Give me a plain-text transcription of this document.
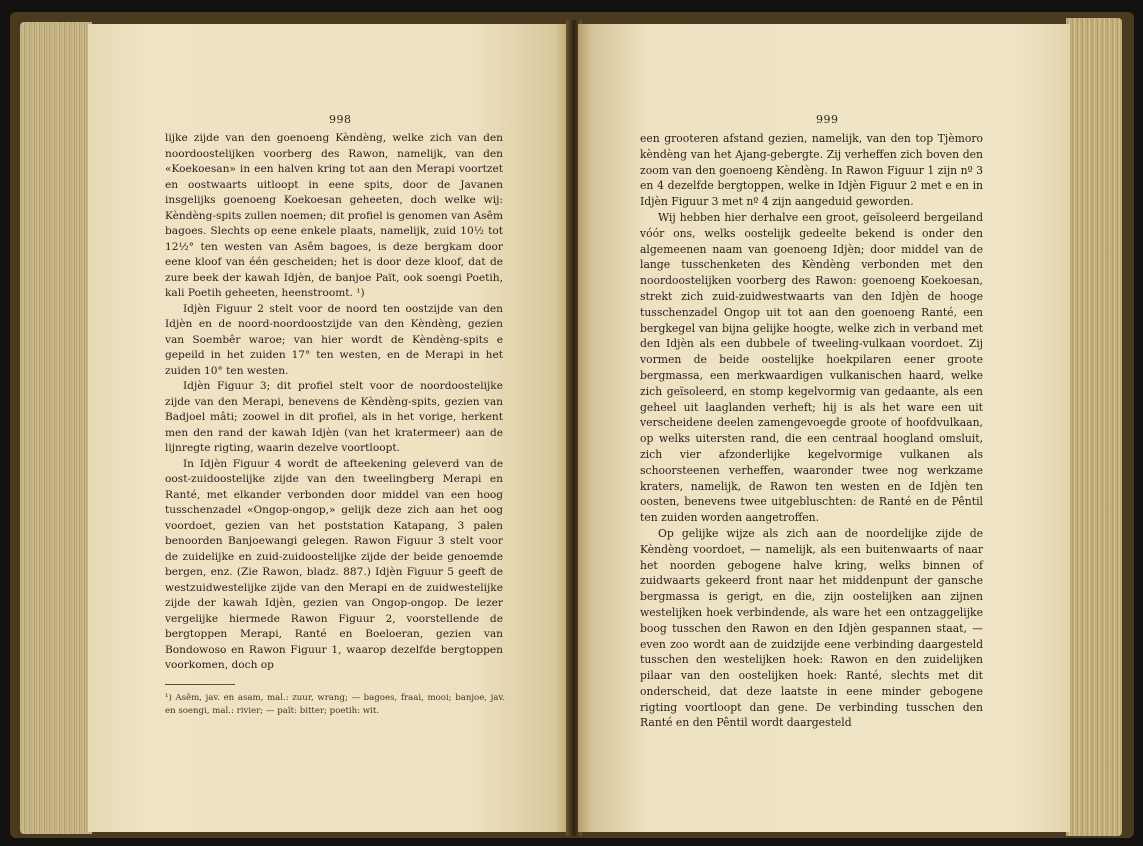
998

lijke zijde van den goenoeng Kèndèng, welke zich van den noordoostelijken voorberg des Rawon, namelijk, van den «Koekoesan» in een halven kring tot aan den Merapi voortzet en oostwaarts uitloopt in eene spits, door de Javanen insgelijks goenoeng Koekoesan geheeten, doch welke wij: Kèndèng-spits zullen noemen; dit profiel is genomen van Asêm bagoes. Slechts op eene enkele plaats, namelijk, zuid 10½ tot 12½° ten westen van Asêm bagoes, is deze bergkam door eene kloof van één gescheiden; het is door deze kloof, dat de zure beek der kawah Idjèn, de banjoe Paït, ook soengi Poetih, kali Poetih geheeten, heenstroomt. ¹)

Idjèn Figuur 2 stelt voor de noord ten oostzijde van den Idjèn en de noord-noordoostzijde van den Kèndèng, gezien van Soembêr waroe; van hier wordt de Kèndèng-spits e gepeild in het zuiden 17° ten westen, en de Merapi in het zuiden 10° ten westen.

Idjèn Figuur 3; dit profiel stelt voor de noordoostelijke zijde van den Merapi, benevens de Kèndèng-spits, gezien van Badjoel mâti; zoowel in dit profiel, als in het vorige, herkent men den rand der kawah Idjèn (van het kratermeer) aan de lijnregte rigting, waarin dezelve voortloopt.

In Idjèn Figuur 4 wordt de afteekening geleverd van de oost-zuidoostelijke zijde van den tweelingberg Merapi en Ranté, met elkander verbonden door middel van een hoog tusschenzadel «Ongop-ongop,» gelijk deze zich aan het oog voordoet, gezien van het poststation Katapang, 3 palen benoorden Banjoewangi gelegen. Rawon Figuur 3 stelt voor de zuidelijke en zuid-zuidoostelijke zijde der beide genoemde bergen, enz. (Zie Rawon, bladz. 887.) Idjèn Figuur 5 geeft de westzuidwestelijke zijde van den Merapi en de zuidwestelijke zijde der kawah Idjèn, gezien van Ongop-ongop. De lezer vergelijke hiermede Rawon Figuur 2, voorstellende de bergtoppen Merapi, Ranté en Boeloeran, gezien van Bondowoso en Rawon Figuur 1, waarop dezelfde bergtoppen voorkomen, doch op

¹) Asêm, jav. en asam, mal.: zuur, wrang; — bagoes, fraai, mooi; banjoe, jav. en soengi, mal.: rivier; — paït: bitter; poetih: wit.
999

een grooteren afstand gezien, namelijk, van den top Tjèmoro kèndèng van het Ajang-gebergte. Zij verheffen zich boven den zoom van den goenoeng Kèndèng. In Rawon Figuur 1 zijn nº 3 en 4 dezelfde bergtoppen, welke in Idjèn Figuur 2 met e en in Idjèn Figuur 3 met nº 4 zijn aangeduid geworden.

Wij hebben hier derhalve een groot, geïsoleerd bergeiland vóór ons, welks oostelijk gedeelte bekend is onder den algemeenen naam van goenoeng Idjèn; door middel van de lange tusschenketen des Kèndèng verbonden met den noordoostelijken voorberg des Rawon: goenoeng Koekoesan, strekt zich zuid-zuidwestwaarts van den Idjèn de hooge tusschenzadel Ongop uit tot aan den goenoeng Ranté, een bergkegel van bijna gelijke hoogte, welke zich in verband met den Idjèn als een dubbele of tweeling-vulkaan voordoet. Zij vormen de beide oostelijke hoekpilaren eener groote bergmassa, een merkwaardigen vulkanischen haard, welke zich geïsoleerd, en stomp kegelvormig van gedaante, als een geheel uit laaglanden verheft; hij is als het ware een uit verscheidene deelen zamengevoegde groote of hoofdvulkaan, op welks uitersten rand, die een centraal hoogland omsluit, zich vier afzonderlijke kegelvormige vulkanen als schoorsteenen verheffen, waaronder twee nog werkzame kraters, namelijk, de Rawon ten westen en de Idjèn ten oosten, benevens twee uitgebluschten: de Ranté en de Pêntil ten zuiden worden aangetroffen.

Op gelijke wijze als zich aan de noordelijke zijde de Kèndèng voordoet, — namelijk, als een buitenwaarts of naar het noorden gebogene halve kring, welks binnen of zuidwaarts gekeerd front naar het middenpunt der gansche bergmassa is gerigt, en die, zijn oostelijken aan zijnen westelijken hoek verbindende, als ware het een ontzaggelijke boog tusschen den Rawon en den Idjèn gespannen staat, — even zoo wordt aan de zuidzijde eene verbinding daargesteld tusschen den westelijken hoek: Rawon en den zuidelijken pilaar van den oostelijken hoek: Ranté, slechts met dit onderscheid, dat deze laatste in eene minder gebogene rigting voortloopt dan gene. De verbinding tusschen den Ranté en den Pêntil wordt daargesteld
